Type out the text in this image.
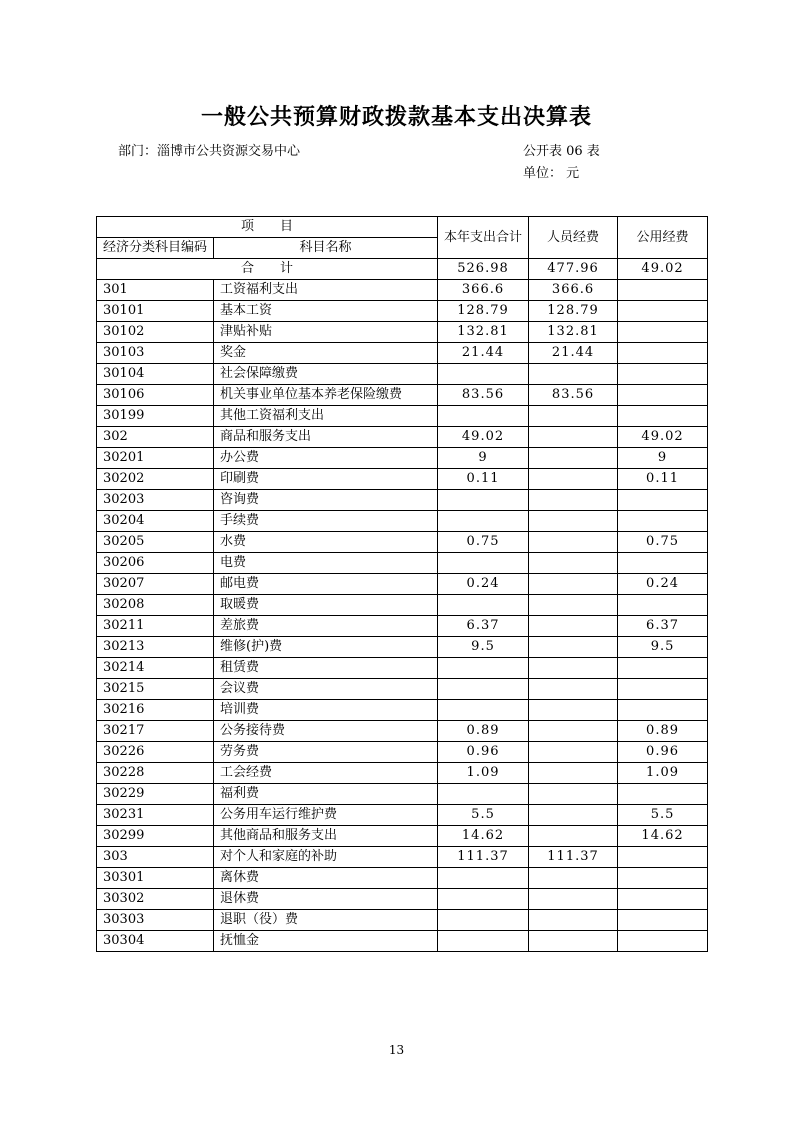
一般公共预算财政拨款基本支出决算表
部门：淄博市公共资源交易中心	公开表 06 表
单位： 元
项　　目		本年支出合计	人员经费	公用经费
经济分类科目编码	科目名称			
合　　计		526.98	477.96	49.02
301	工资福利支出	366.6	366.6	
30101	基本工资	128.79	128.79	
30102	津贴补贴	132.81	132.81	
30103	奖金	21.44	21.44	
30104	社会保障缴费			
30106	机关事业单位基本养老保险缴费	83.56	83.56	
30199	其他工资福利支出			
302	商品和服务支出	49.02		49.02
30201	办公费	9		9
30202	印刷费	0.11		0.11
30203	咨询费			
30204	手续费			
30205	水费	0.75		0.75
30206	电费			
30207	邮电费	0.24		0.24
30208	取暖费			
30211	差旅费	6.37		6.37
30213	维修(护)费	9.5		9.5
30214	租赁费			
30215	会议费			
30216	培训费			
30217	公务接待费	0.89		0.89
30226	劳务费	0.96		0.96
30228	工会经费	1.09		1.09
30229	福利费			
30231	公务用车运行维护费	5.5		5.5
30299	其他商品和服务支出	14.62		14.62
303	对个人和家庭的补助	111.37	111.37	
30301	离休费			
30302	退休费			
30303	退职（役）费			
30304	抚恤金			
13
